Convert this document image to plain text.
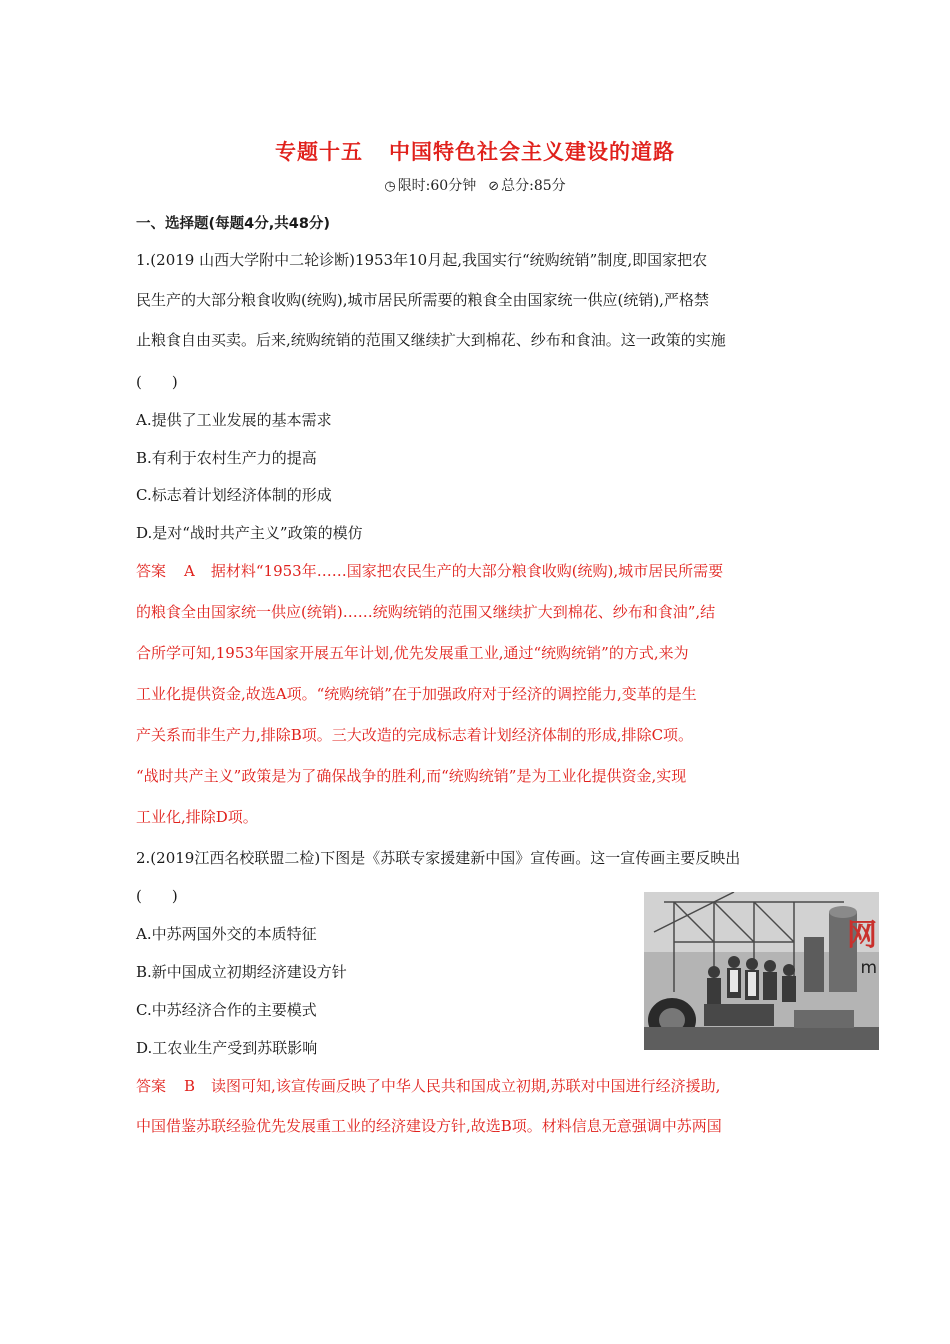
专题十五 中国特色社会主义建设的道路
◷ 限时:60分钟 ⊘ 总分:85分
一、选择题(每题4分,共48分)
1.(2019 山西大学附中二轮诊断)1953年10月起,我国实行“统购统销”制度,即国家把农
民生产的大部分粮食收购(统购),城市居民所需要的粮食全由国家统一供应(统销),严格禁
止粮食自由买卖。后来,统购统销的范围又继续扩大到棉花、纱布和食油。这一政策的实施
(　　)
A.提供了工业发展的基本需求
B.有利于农村生产力的提高
C.标志着计划经济体制的形成
D.是对“战时共产主义”政策的模仿
答案 A 据材料“1953年……国家把农民生产的大部分粮食收购(统购),城市居民所需要
的粮食全由国家统一供应(统销)……统购统销的范围又继续扩大到棉花、纱布和食油”,结
合所学可知,1953年国家开展五年计划,优先发展重工业,通过“统购统销”的方式,来为
工业化提供资金,故选A项。“统购统销”在于加强政府对于经济的调控能力,变革的是生
产关系而非生产力,排除B项。三大改造的完成标志着计划经济体制的形成,排除C项。
“战时共产主义”政策是为了确保战争的胜利,而“统购统销”是为工业化提供资金,实现
工业化,排除D项。
2.(2019江西名校联盟二检)下图是《苏联专家援建新中国》宣传画。这一宣传画主要反映出
(　　)
A.中苏两国外交的本质特征
B.新中国成立初期经济建设方针
C.中苏经济合作的主要模式
D.工农业生产受到苏联影响
网
m
答案 B 读图可知,该宣传画反映了中华人民共和国成立初期,苏联对中国进行经济援助,
中国借鉴苏联经验优先发展重工业的经济建设方针,故选B项。材料信息无意强调中苏两国
